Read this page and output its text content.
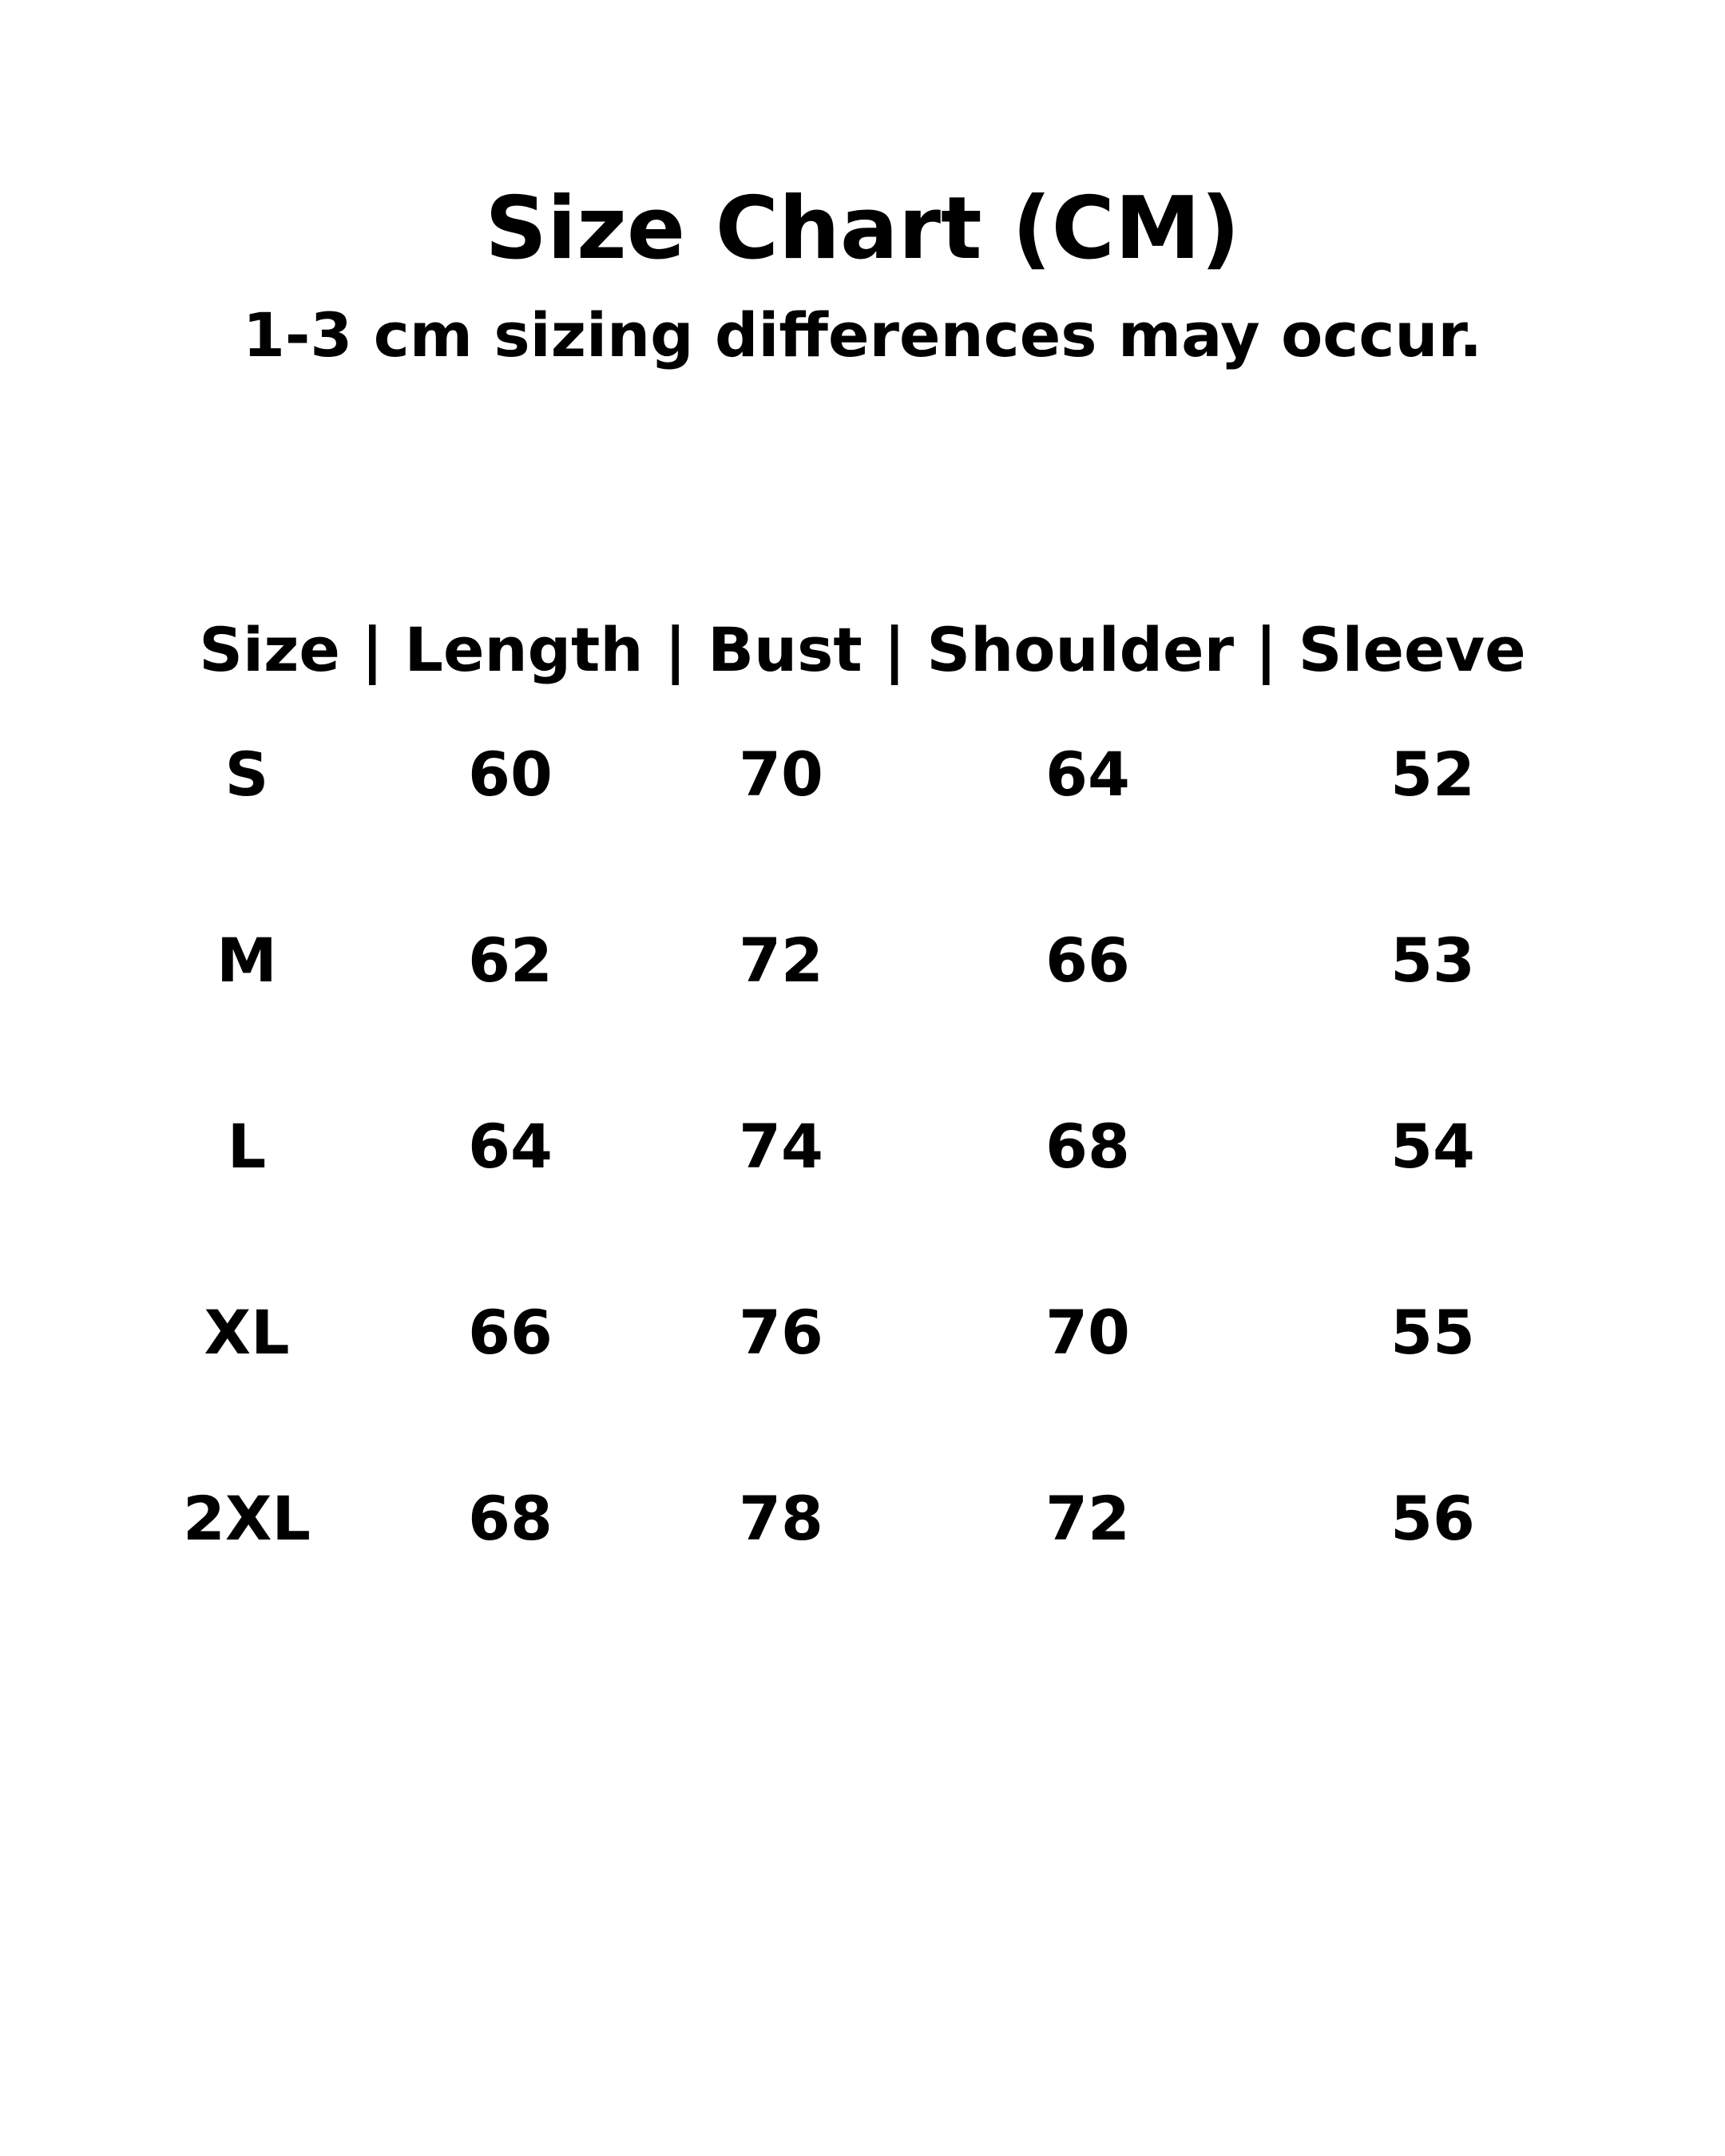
Size Chart (CM)
1-3 cm sizing differences may occur.
Size | Length | Bust | Shoulder | Sleeve
S	60	70	64	52
M	62	72	66	53
L	64	74	68	54
XL	66	76	70	55
2XL	68	78	72	56
